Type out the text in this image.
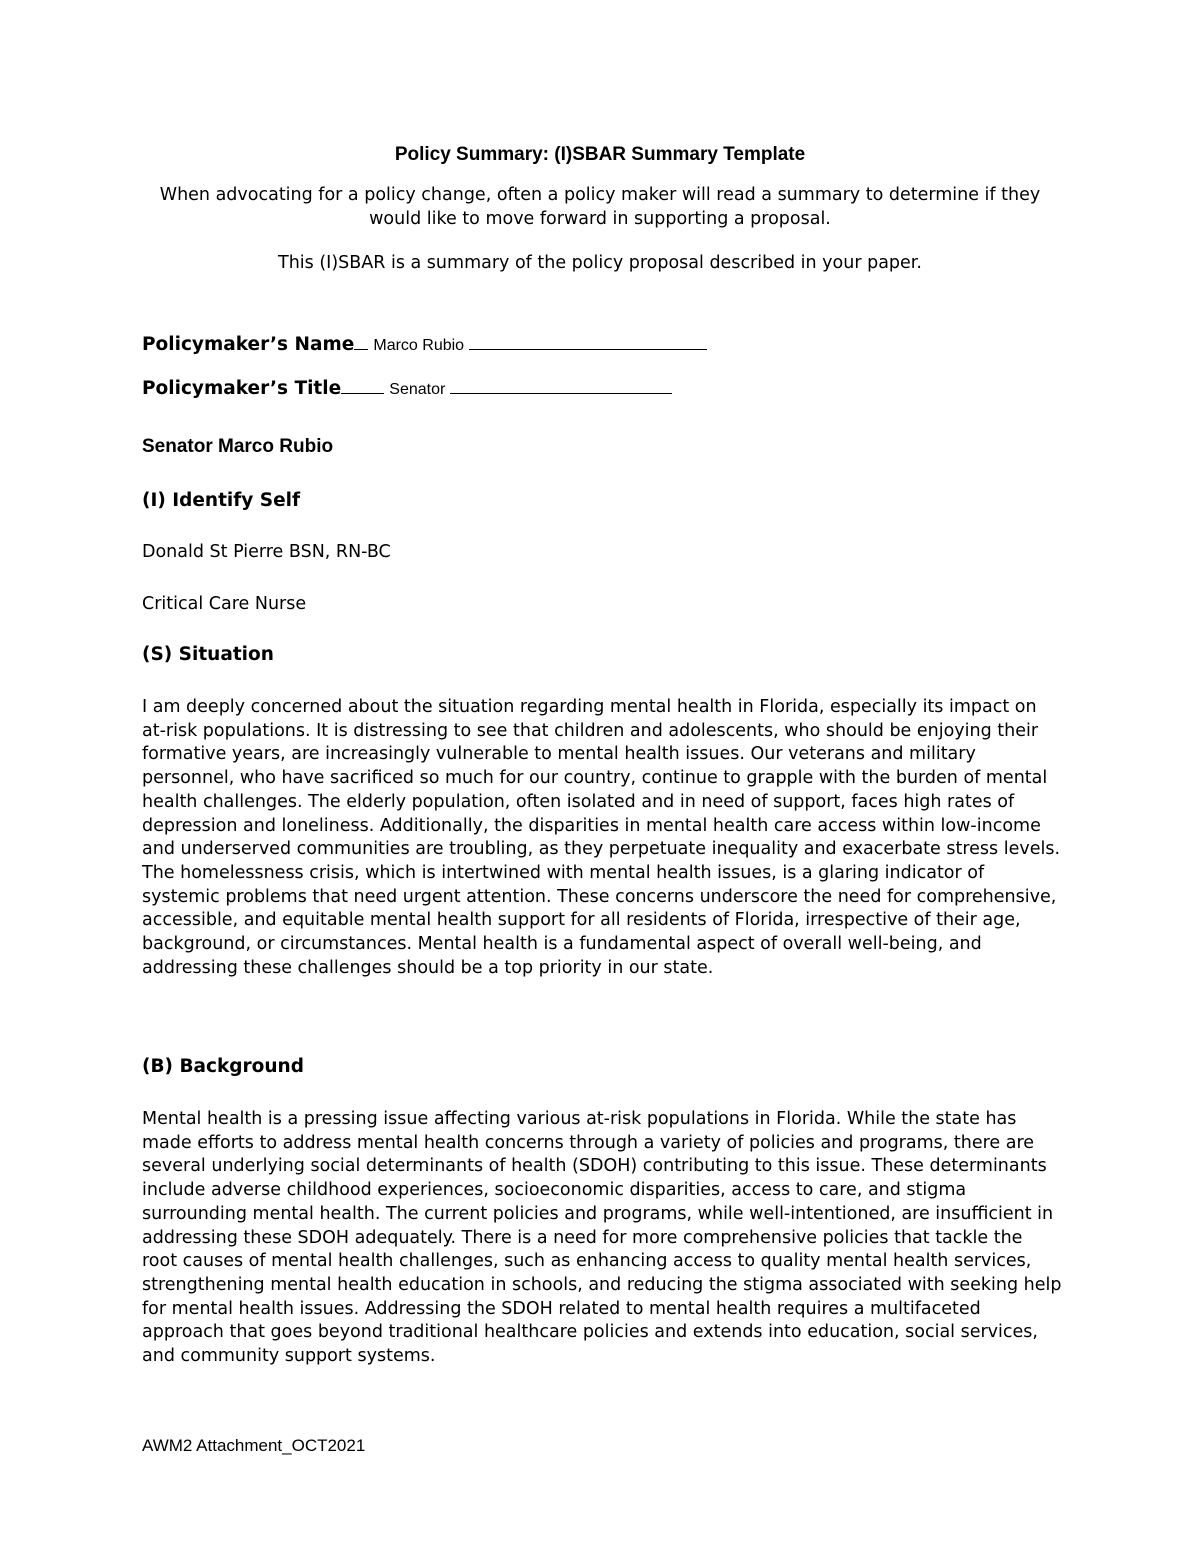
Policy Summary: (I)SBAR Summary Template
When advocating for a policy change, often a policy maker will read a summary to determine if they would like to move forward in supporting a proposal.
This (I)SBAR is a summary of the policy proposal described in your paper.
Policymaker’s Name Marco Rubio
Policymaker’s Title	Senator
Senator Marco Rubio
(I) Identify Self
Donald St Pierre BSN, RN-BC
Critical Care Nurse
(S) Situation

I am deeply concerned about the situation regarding mental health in Florida, especially its impact on at-risk populations. It is distressing to see that children and adolescents, who should be enjoying their formative years, are increasingly vulnerable to mental health issues. Our veterans and military personnel, who have sacrificed so much for our country, continue to grapple with the burden of mental health challenges. The elderly population, often isolated and in need of support, faces high rates of depression and loneliness. Additionally, the disparities in mental health care access within low-income and underserved communities are troubling, as they perpetuate inequality and exacerbate stress levels. The homelessness crisis, which is intertwined with mental health issues, is a glaring indicator of systemic problems that need urgent attention. These concerns underscore the need for comprehensive, accessible, and equitable mental health support for all residents of Florida, irrespective of their age, background, or circumstances. Mental health is a fundamental aspect of overall well-being, and addressing these challenges should be a top priority in our state.

(B) Background

Mental health is a pressing issue affecting various at-risk populations in Florida. While the state has made efforts to address mental health concerns through a variety of policies and programs, there are several underlying social determinants of health (SDOH) contributing to this issue. These determinants include adverse childhood experiences, socioeconomic disparities, access to care, and stigma surrounding mental health. The current policies and programs, while well-intentioned, are insufficient in addressing these SDOH adequately. There is a need for more comprehensive policies that tackle the root causes of mental health challenges, such as enhancing access to quality mental health services, strengthening mental health education in schools, and reducing the stigma associated with seeking help for mental health issues. Addressing the SDOH related to mental health requires a multifaceted approach that goes beyond traditional healthcare policies and extends into education, social services, and community support systems.

AWM2 Attachment_OCT2021
